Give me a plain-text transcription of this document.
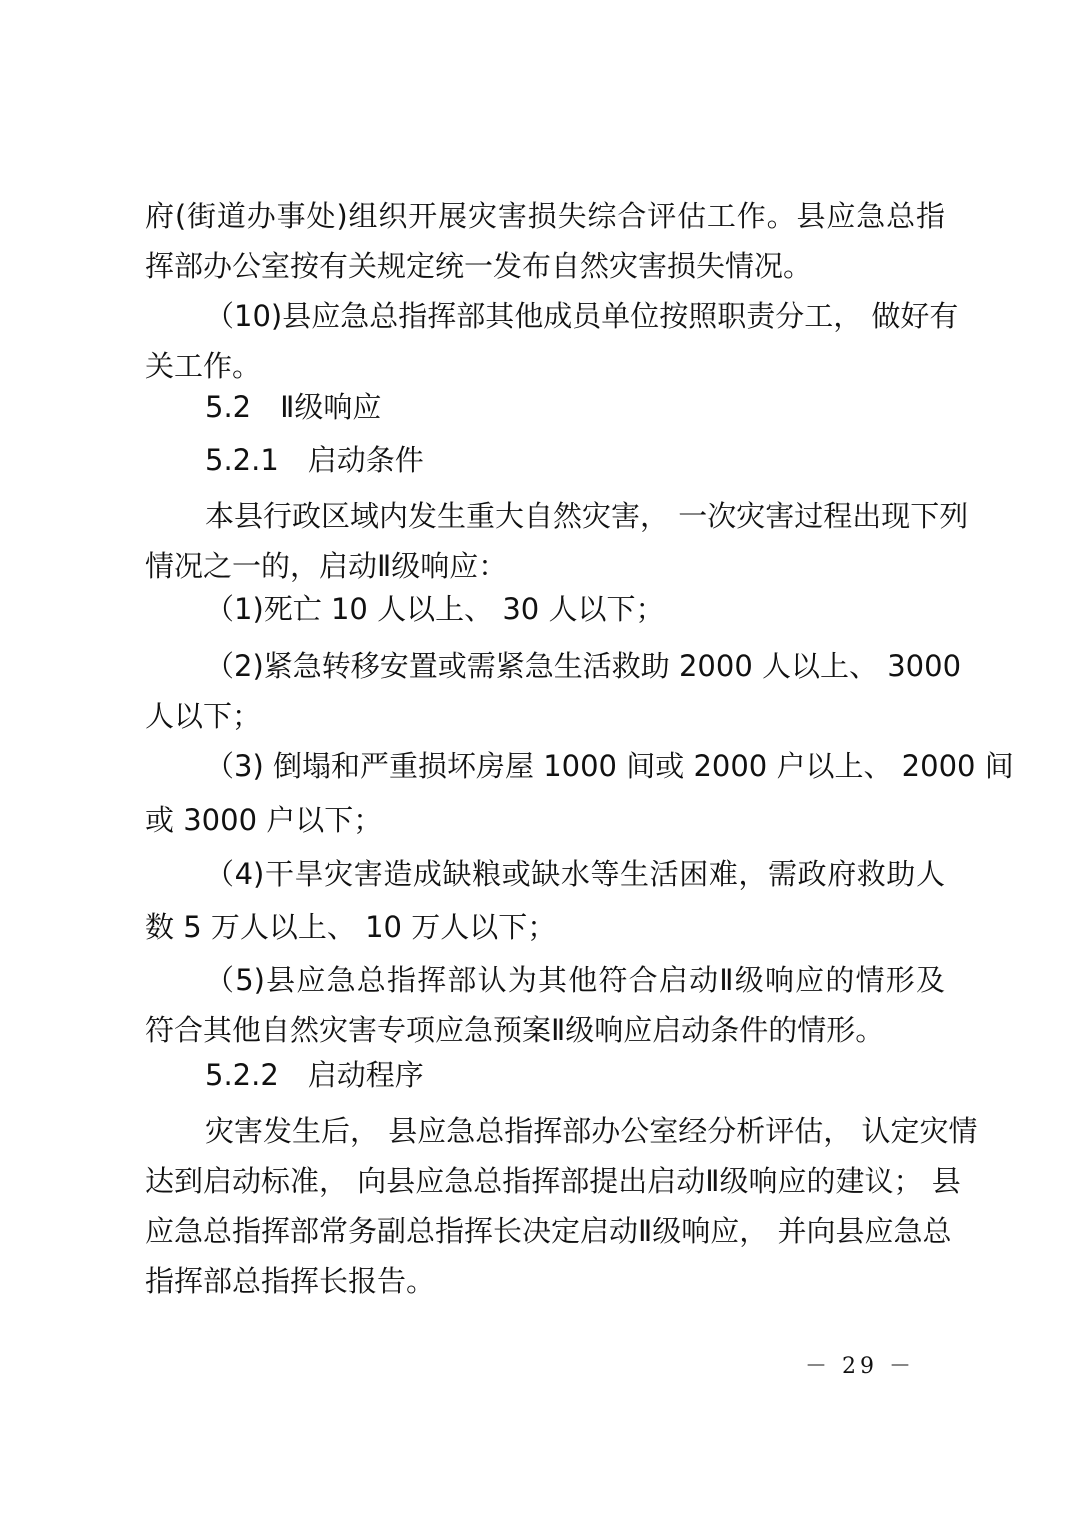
府(街道办事处)组织开展灾害损失综合评估工作。县应急总指
挥部办公室按有关规定统一发布自然灾害损失情况。
（10)县应急总指挥部其他成员单位按照职责分工， 做好有
关工作。
5.2　Ⅱ级响应
5.2.1　启动条件
本县行政区域内发生重大自然灾害， 一次灾害过程出现下列
情况之一的，启动Ⅱ级响应：
（1)死亡 10 人以上、 30 人以下；
（2)紧急转移安置或需紧急生活救助 2000 人以上、 3000
人以下；
（3) 倒塌和严重损坏房屋 1000 间或 2000 户以上、 2000 间
或 3000 户以下；
（4)干旱灾害造成缺粮或缺水等生活困难，需政府救助人
数 5 万人以上、 10 万人以下；
（5)县应急总指挥部认为其他符合启动Ⅱ级响应的情形及
符合其他自然灾害专项应急预案Ⅱ级响应启动条件的情形。
5.2.2　启动程序
灾害发生后， 县应急总指挥部办公室经分析评估， 认定灾情
达到启动标准， 向县应急总指挥部提出启动Ⅱ级响应的建议； 县
应急总指挥部常务副总指挥长决定启动Ⅱ级响应， 并向县应急总
指挥部总指挥长报告。
－ 29 －
